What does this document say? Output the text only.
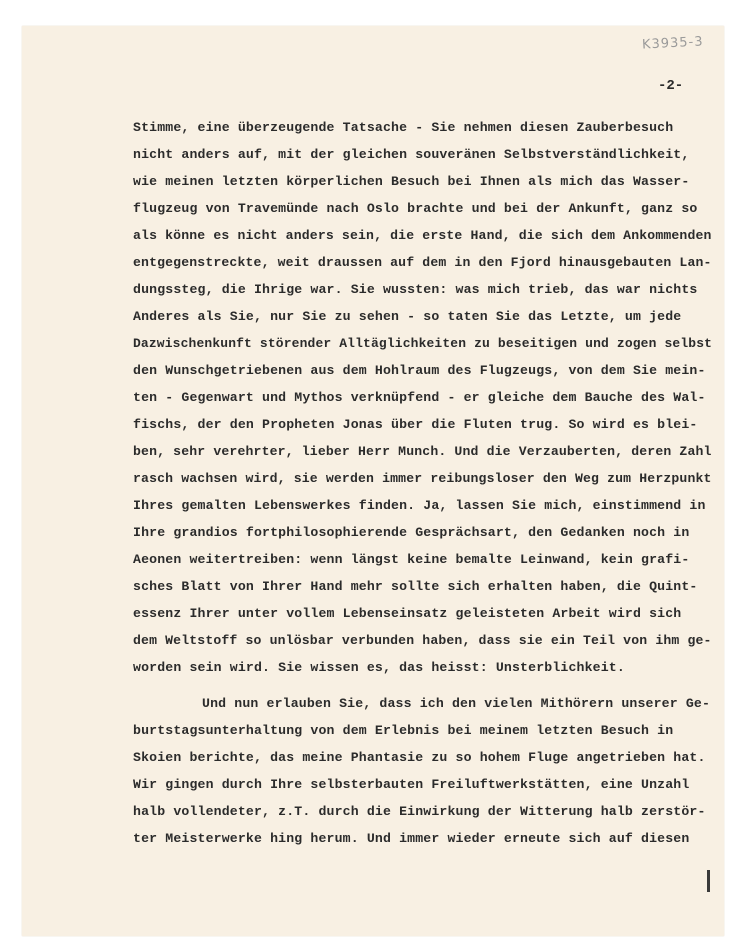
K3935-3
-2-
Stimme, eine überzeugende Tatsache - Sie nehmen diesen Zauberbesuch
nicht anders auf, mit der gleichen souveränen Selbstverständlichkeit,
wie meinen letzten körperlichen Besuch bei Ihnen als mich das Wasser-
flugzeug von Travemünde nach Oslo brachte und bei der Ankunft, ganz so
als könne es nicht anders sein, die erste Hand, die sich dem Ankommenden
entgegenstreckte, weit draussen auf dem in den Fjord hinausgebauten Lan-
dungssteg, die Ihrige war. Sie wussten: was mich trieb, das war nichts
Anderes als Sie, nur Sie zu sehen - so taten Sie das Letzte, um jede
Dazwischenkunft störender Alltäglichkeiten zu beseitigen und zogen selbst
den Wunschgetriebenen aus dem Hohlraum des Flugzeugs, von dem Sie mein-
ten - Gegenwart und Mythos verknüpfend - er gleiche dem Bauche des Wal-
fischs, der den Propheten Jonas über die Fluten trug. So wird es blei-
ben, sehr verehrter, lieber Herr Munch. Und die Verzauberten, deren Zahl
rasch wachsen wird, sie werden immer reibungsloser den Weg zum Herzpunkt
Ihres gemalten Lebenswerkes finden. Ja, lassen Sie mich, einstimmend in
Ihre grandios fortphilosophierende Gesprächsart, den Gedanken noch in
Aeonen weitertreiben: wenn längst keine bemalte Leinwand, kein grafi-
sches Blatt von Ihrer Hand mehr sollte sich erhalten haben, die Quint-
essenz Ihrer unter vollem Lebenseinsatz geleisteten Arbeit wird sich
dem Weltstoff so unlösbar verbunden haben, dass sie ein Teil von ihm ge-
worden sein wird. Sie wissen es, das heisst: Unsterblichkeit.
Und nun erlauben Sie, dass ich den vielen Mithörern unserer Ge-
burtstagsunterhaltung von dem Erlebnis bei meinem letzten Besuch in
Skoien berichte, das meine Phantasie zu so hohem Fluge angetrieben hat.
Wir gingen durch Ihre selbsterbauten Freiluftwerkstätten, eine Unzahl
halb vollendeter, z.T. durch die Einwirkung der Witterung halb zerstör-
ter Meisterwerke hing herum. Und immer wieder erneute sich auf diesen
